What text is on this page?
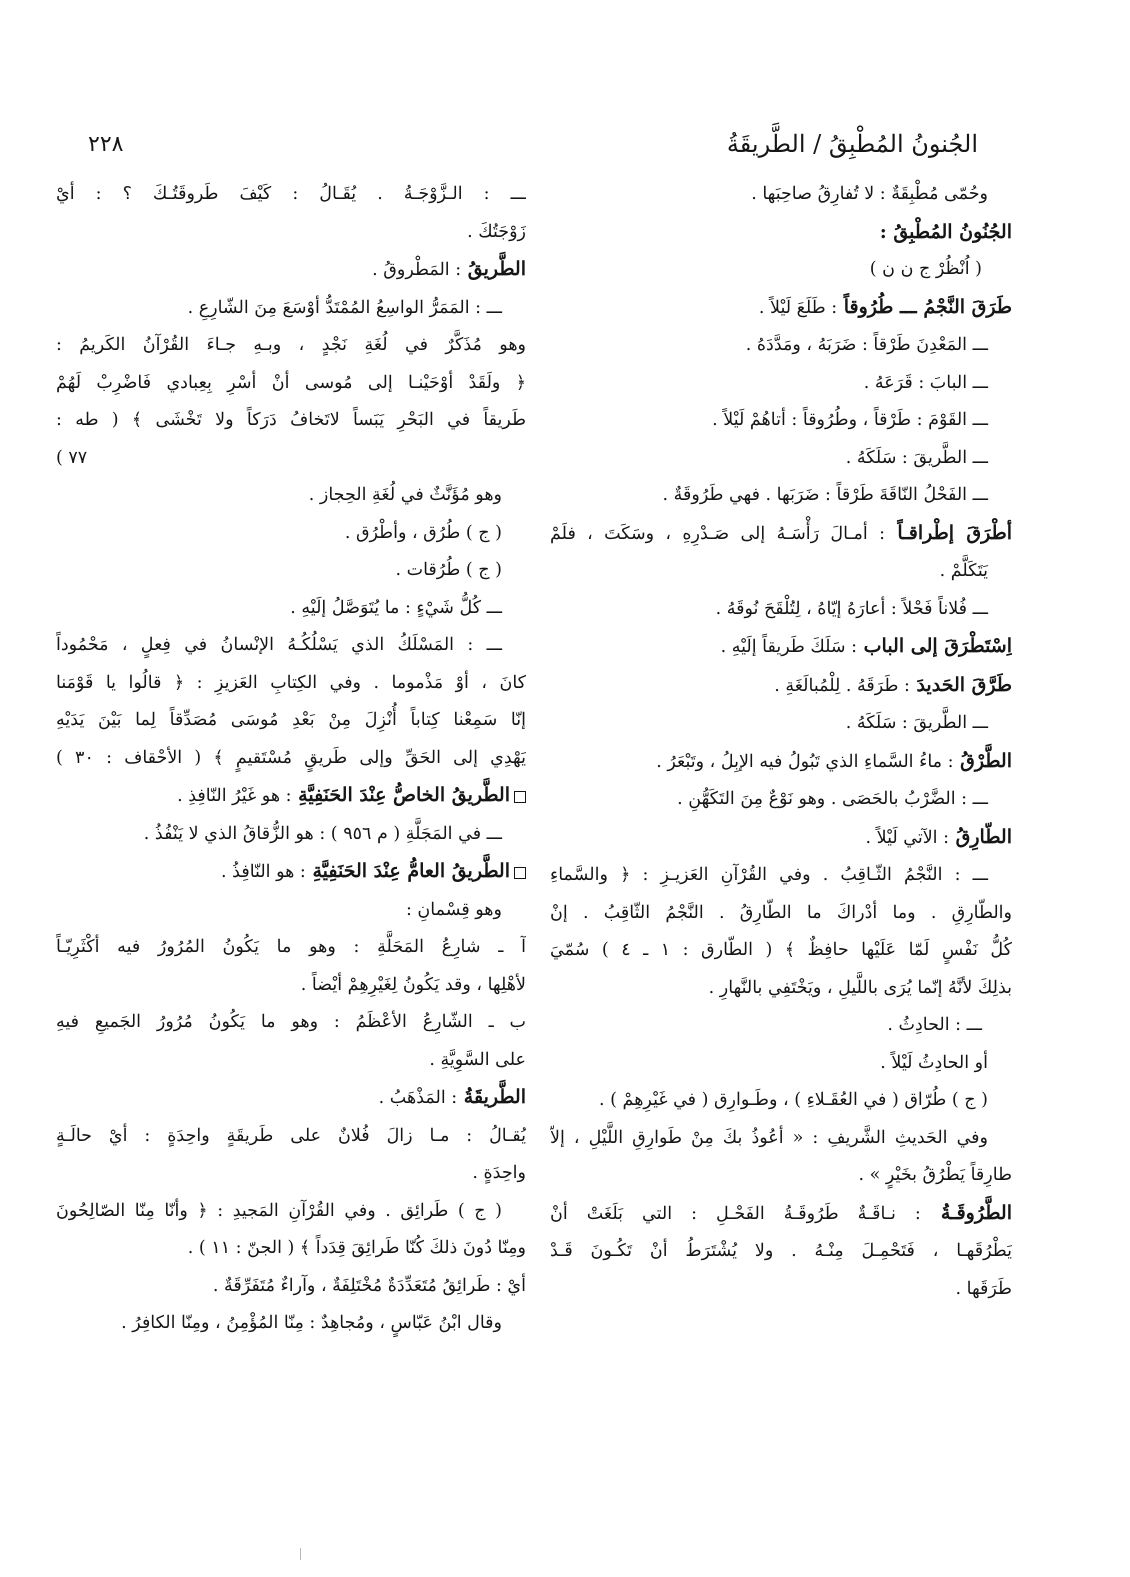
٢٢٨	الجُنونُ المُطْبِقُ / الطَّريقَةُ
وحُمّى مُطْبِقَةٌ : لا تُفارِقُ صاحِبَها .
الجُنُونُ المُطْبِقُ :
( اُنْظُرْ ج ن ن )
طَرَقَ النَّجْمُ ـــ طُرُوقاً : طَلَعَ لَيْلاً .
ـــ المَعْدِنَ طَرْقاً : ضَرَبَهُ ، ومَدَّدَهُ .
ـــ البابَ : قَرَعَهُ .
ـــ القَوْمَ : طَرْقاً ، وطُرُوقاً : أتاهُمْ لَيْلاً .
ـــ الطَّريقَ : سَلَكَهُ .
ـــ الفَحْلُ النّاقَةَ طَرْقاً : ضَرَبَها . فهي طَرُوقَةٌ .
أطْرَقَ إطْراقـاً : أمـالَ رَأْسَـهُ إلى صَـدْرِهِ ، وسَكَتَ ، فلَمْ
يَتَكَلَّمْ .
ـــ فُلاناً فَحْلاً : أعارَهُ إيّاهُ ، لِتُلْقَحَ نُوقَهُ .
اِسْتَطْرَقَ إلى الباب : سَلَكَ طَريقاً إلَيْهِ .
طَرَّقَ الحَديدَ : طَرَقَهُ . لِلْمُبالَغَةِ .
ـــ الطَّريقَ : سَلَكَهُ .
الطَّرْقُ : ماءُ السَّماءِ الذي تَبُولُ فيه الإبِلُ ، وتَبْعَرُ .
ـــ : الضَّرْبُ بالحَصَى . وهو نَوْعٌ مِنَ التَكَهُّنِ .
الطّارِقُ : الآتي لَيْلاً .
ـــ : النَّجْمُ الثّـاقِبُ . وفي القُرْآنِ العَزيـزِ : ﴿ والسَّماءِ
والطّارِقِ . وما أدْراكَ ما الطّارِقُ . النَّجْمُ الثّاقِبُ . إنْ
كُلُّ نَفْسٍ لَمّا عَلَيْها حافِظٌ ﴾ ( الطّارق : ١ ـ ٤ ) سُمّيَ
بذلِكَ لأنَّهُ إنّما يُرَى باللَّيلِ ، ويَخْتَفِي بالنَّهارِ .
ـــ : الحادِثُ .
أو الحادِثُ لَيْلاً .
( ج ) طُرّاق ( في العُقَـلاءِ ) ، وطَـوارِق ( في غَيْرِهِمْ ) .
وفي الحَديثِ الشَّريفِ : « أعُوذُ بكَ مِنْ طَوارِقِ اللَّيْلِ ، إلاّ
طارِقاً يَطْرُقُ بخَيْرٍ » .
الطَّرُوقَـةُ : نـاقَـةٌ طَرُوقَـةُ الفَحْـلِ : التي بَلَغَتْ أنْ
يَطْرُقَهـا ، فَتَحْمِـلَ مِنْـهُ . ولا يُشْتَرَطُ أنْ تَكُـونَ قَـدْ
طَرَقَها .
ـــ : الـزَّوْجَـةُ . يُقَـالُ : كَيْفَ طَروقَتُـكَ ؟ : أيْ
زَوْجَتُكَ .
الطَّريقُ : المَطْروقُ .
ـــ : المَمَرُّ الواسِعُ المُمْتَدُّ أوْسَعَ مِنَ الشّارِعِ .
وهو مُذَكَّرٌ في لُغَةِ نَجْدٍ ، وبـهِ جـاءَ القُرْآنُ الكَريمُ :
﴿ ولَقَدْ أوْحَيْنـا إلى مُوسى أنْ أسْرِ بِعِبادي فَاضْرِبْ لَهُمْ
طَريقاً في البَحْرِ يَبَساً لاتَخافُ دَرَكاً ولا تَخْشَى ﴾ ( طه :
٧٧ )
وهو مُؤَنَّثٌ في لُغَةِ الحِجاز .
( ج ) طُرُق ، وأطْرُق .
( ج ) طُرُقات .
ـــ كُلُّ شَيْءٍ : ما يُتَوَصَّلُ إلَيْهِ .
ـــ : المَسْلَكُ الذي يَسْلُكُـهُ الإنْسانُ في فِعلٍ ، مَحْمُوداً
كانَ ، أوْ مَذْموما . وفي الكِتابِ العَزيزِ : ﴿ قالُوا يا قَوْمَنا
إنّا سَمِعْنا كِتاباً أُنْزِلَ مِنْ بَعْدِ مُوسَى مُصَدِّقاً لِما بَيْنَ يَدَيْهِ
يَهْدِي إلى الحَقِّ وإلى طَريقٍ مُسْتَقيمٍ ﴾ ( الأحْقاف : ٣٠ )
الطَّريقُ الخاصُّ عِنْدَ الحَنَفِيَّةِ : هو غَيْرُ النّافِذِ .
ـــ في المَجَلَّةِ ( م ٩٥٦ ) : هو الزُّقاقُ الذي لا يَنْفُذُ .
الطَّريقُ العامُّ عِنْدَ الحَنَفِيَّةِ : هو النّافِذُ .
وهو قِسْمانِ :
آ ـ شارِعُ المَحَلَّةِ : وهو ما يَكُونُ المُرُورُ فيه أكْثَرِيّـاً
لأهْلِها ، وقد يَكُونُ لِغَيْرِهِمْ أيْضاً .
ب ـ الشّارِعُ الأعْظَمُ : وهو ما يَكُونُ مُرُورُ الجَميعِ فيهِ
على السَّوِيَّةِ .
الطَّريقَةُ : المَذْهَبُ .
يُقـالُ : مـا زالَ فُلانٌ على طَريقَةٍ واحِدَةٍ : أيْ حالَـةٍ
واحِدَةٍ .
( ج ) طَرائِق . وفي القُرْآنِ المَجيدِ : ﴿ وأنّا مِنّا الصّالِحُونَ
ومِنّا دُونَ ذلكَ كُنّا طَرائِقَ قِدَداً ﴾ ( الجنّ : ١١ ) .
أيْ : طَرائِقُ مُتَعَدِّدَةٌ مُخْتَلِفَةٌ ، وآراءٌ مُتَفَرِّقَةٌ .
وقال ابْنُ عَبّاسٍ ، ومُجاهِدٌ : مِنّا المُؤْمِنُ ، ومِنّا الكافِرُ .
